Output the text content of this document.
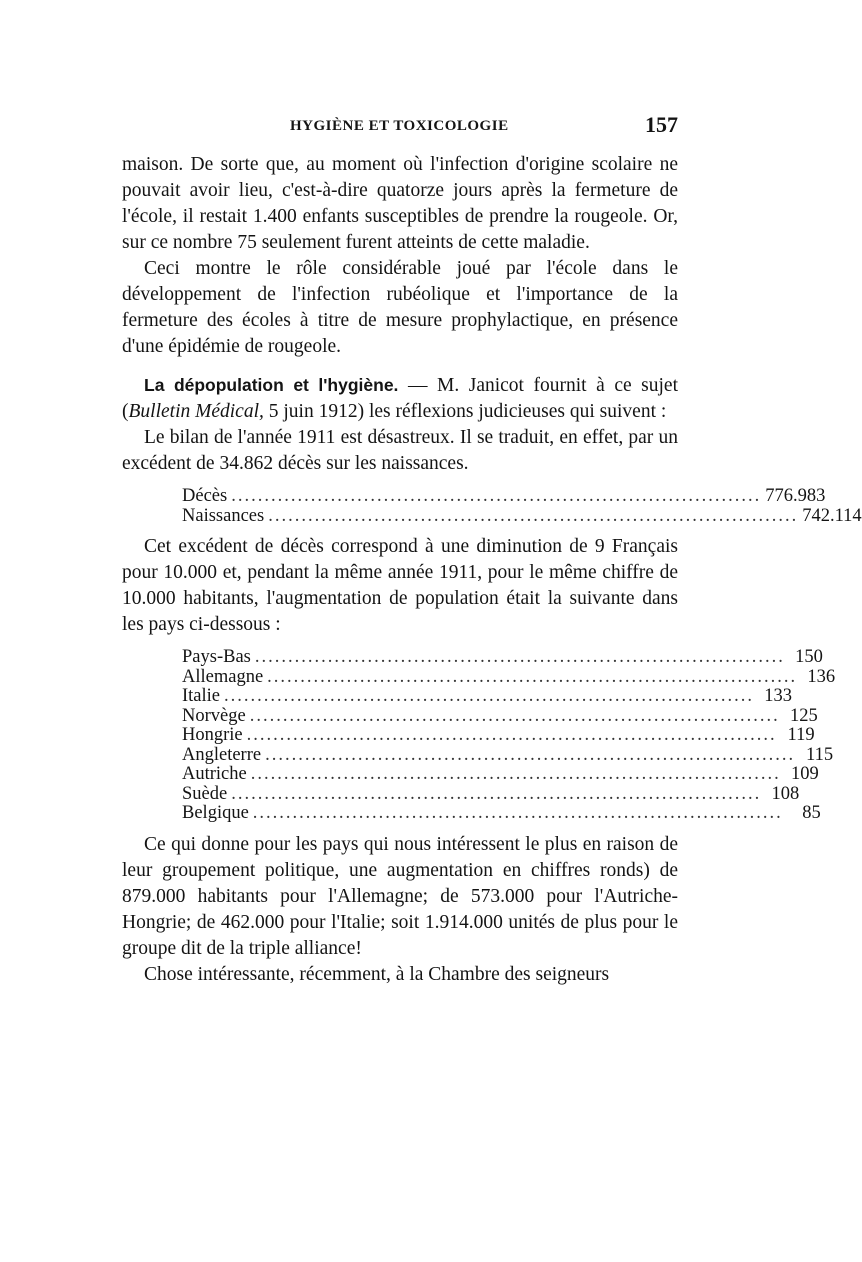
HYGIÈNE ET TOXICOLOGIE	157

maison. De sorte que, au moment où l'infection d'origine scolaire ne pouvait avoir lieu, c'est-à-dire quatorze jours après la fermeture de l'école, il restait 1.400 enfants susceptibles de prendre la rougeole. Or, sur ce nombre 75 seulement furent atteints de cette maladie.

Ceci montre le rôle considérable joué par l'école dans le développement de l'infection rubéolique et l'importance de la fermeture des écoles à titre de mesure prophylactique, en présence d'une épidémie de rougeole.

La dépopulation et l'hygiène. — M. Janicot fournit à ce sujet (Bulletin Médical, 5 juin 1912) les réflexions judicieuses qui suivent :

Le bilan de l'année 1911 est désastreux. Il se traduit, en effet, par un excédent de 34.862 décès sur les naissances.

Décès ................................................................................ 776.983
Naissances ................................................................................ 742.114

Cet excédent de décès correspond à une diminution de 9 Français pour 10.000 et, pendant la même année 1911, pour le même chiffre de 10.000 habitants, l'augmentation de population était la suivante dans les pays ci-dessous :

Pays-Bas ................................................................................ 150
Allemagne ................................................................................ 136
Italie ................................................................................ 133
Norvège ................................................................................ 125
Hongrie ................................................................................ 119
Angleterre ................................................................................ 115
Autriche ................................................................................ 109
Suède ................................................................................ 108
Belgique ................................................................................	85

Ce qui donne pour les pays qui nous intéressent le plus en raison de leur groupement politique, une augmentation en chiffres ronds) de 879.000 habitants pour l'Allemagne; de 573.000 pour l'Autriche-Hongrie; de 462.000 pour l'Italie; soit 1.914.000 unités de plus pour le groupe dit de la triple alliance!

Chose intéressante, récemment, à la Chambre des seigneurs
